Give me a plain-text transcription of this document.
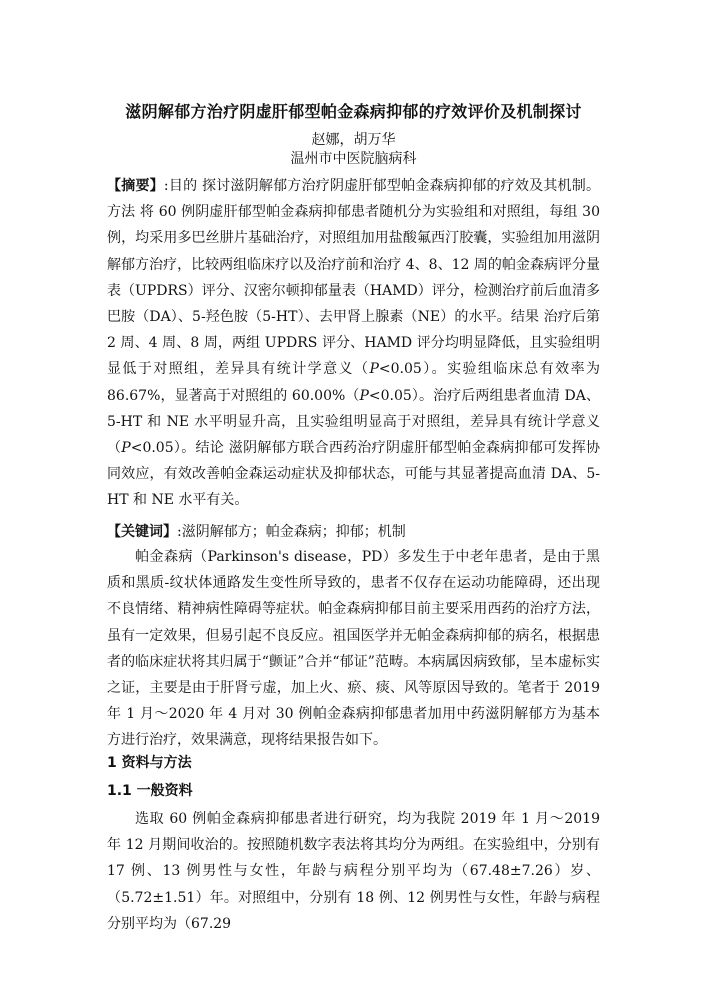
滋阴解郁方治疗阴虚肝郁型帕金森病抑郁的疗效评价及机制探讨
赵娜，胡万华
温州市中医院脑病科
【摘要】:目的 探讨滋阴解郁方治疗阴虚肝郁型帕金森病抑郁的疗效及其机制。方法 将 60 例阴虚肝郁型帕金森病抑郁患者随机分为实验组和对照组，每组 30 例，均采用多巴丝肼片基础治疗，对照组加用盐酸氟西汀胶囊，实验组加用滋阴解郁方治疗，比较两组临床疗以及治疗前和治疗 4、8、12 周的帕金森病评分量表（UPDRS）评分、汉密尔顿抑郁量表（HAMD）评分，检测治疗前后血清多巴胺（DA）、5-羟色胺（5-HT）、去甲肾上腺素（NE）的水平。结果 治疗后第 2 周、4 周、8 周，两组 UPDRS 评分、HAMD 评分均明显降低，且实验组明显低于对照组，差异具有统计学意义（P<0.05）。实验组临床总有效率为 86.67%，显著高于对照组的 60.00%（P<0.05）。治疗后两组患者血清 DA、5-HT 和 NE 水平明显升高，且实验组明显高于对照组，差异具有统计学意义（P<0.05）。结论 滋阴解郁方联合西药治疗阴虚肝郁型帕金森病抑郁可发挥协同效应，有效改善帕金森运动症状及抑郁状态，可能与其显著提高血清 DA、5-HT 和 NE 水平有关。
【关键词】:滋阴解郁方；帕金森病；抑郁；机制
帕金森病（Parkinson's disease，PD）多发生于中老年患者，是由于黑质和黑质-纹状体通路发生变性所导致的，患者不仅存在运动功能障碍，还出现不良情绪、精神病性障碍等症状。帕金森病抑郁目前主要采用西药的治疗方法，虽有一定效果，但易引起不良反应。祖国医学并无帕金森病抑郁的病名，根据患者的临床症状将其归属于“颤证”合并“郁证”范畴。本病属因病致郁，呈本虚标实之证，主要是由于肝肾亏虚，加上火、瘀、痰、风等原因导致的。笔者于 2019 年 1 月～2020 年 4 月对 30 例帕金森病抑郁患者加用中药滋阴解郁方为基本方进行治疗，效果满意，现将结果报告如下。
1 资料与方法
1.1 一般资料
选取 60 例帕金森病抑郁患者进行研究，均为我院 2019 年 1 月～2019 年 12 月期间收治的。按照随机数字表法将其均分为两组。在实验组中，分别有 17 例、13 例男性与女性，年龄与病程分别平均为（67.48±7.26）岁、（5.72±1.51）年。对照组中，分别有 18 例、12 例男性与女性，年龄与病程分别平均为（67.29
